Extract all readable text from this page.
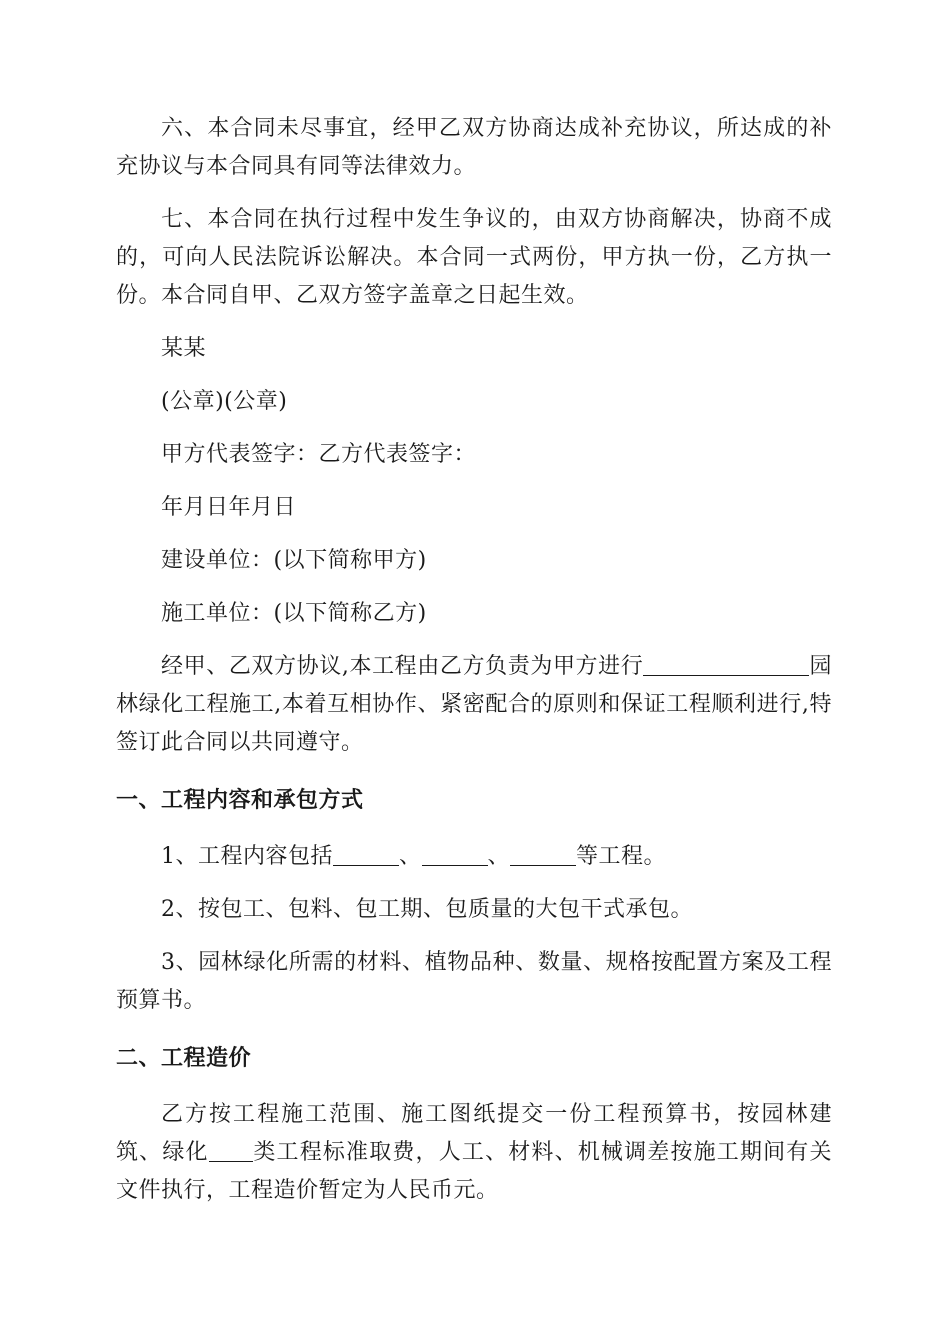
六、本合同未尽事宜，经甲乙双方协商达成补充协议，所达成的补充协议与本合同具有同等法律效力。

七、本合同在执行过程中发生争议的，由双方协商解决，协商不成的，可向人民法院诉讼解决。本合同一式两份，甲方执一份，乙方执一份。本合同自甲、乙双方签字盖章之日起生效。

某某

(公章)(公章)

甲方代表签字：乙方代表签字：

年月日年月日

建设单位：(以下简称甲方)

施工单位：(以下简称乙方)

经甲、乙双方协议,本工程由乙方负责为甲方进行	园林绿化工程施工,本着互相协作、紧密配合的原则和保证工程顺利进行,特签订此合同以共同遵守。

一、工程内容和承包方式

1、工程内容包括	、	、	等工程。

2、按包工、包料、包工期、包质量的大包干式承包。

3、园林绿化所需的材料、植物品种、数量、规格按配置方案及工程预算书。

二、工程造价

乙方按工程施工范围、施工图纸提交一份工程预算书，按园林建筑、绿化 类工程标准取费，人工、材料、机械调差按施工期间有关文件执行，工程造价暂定为人民币元。
